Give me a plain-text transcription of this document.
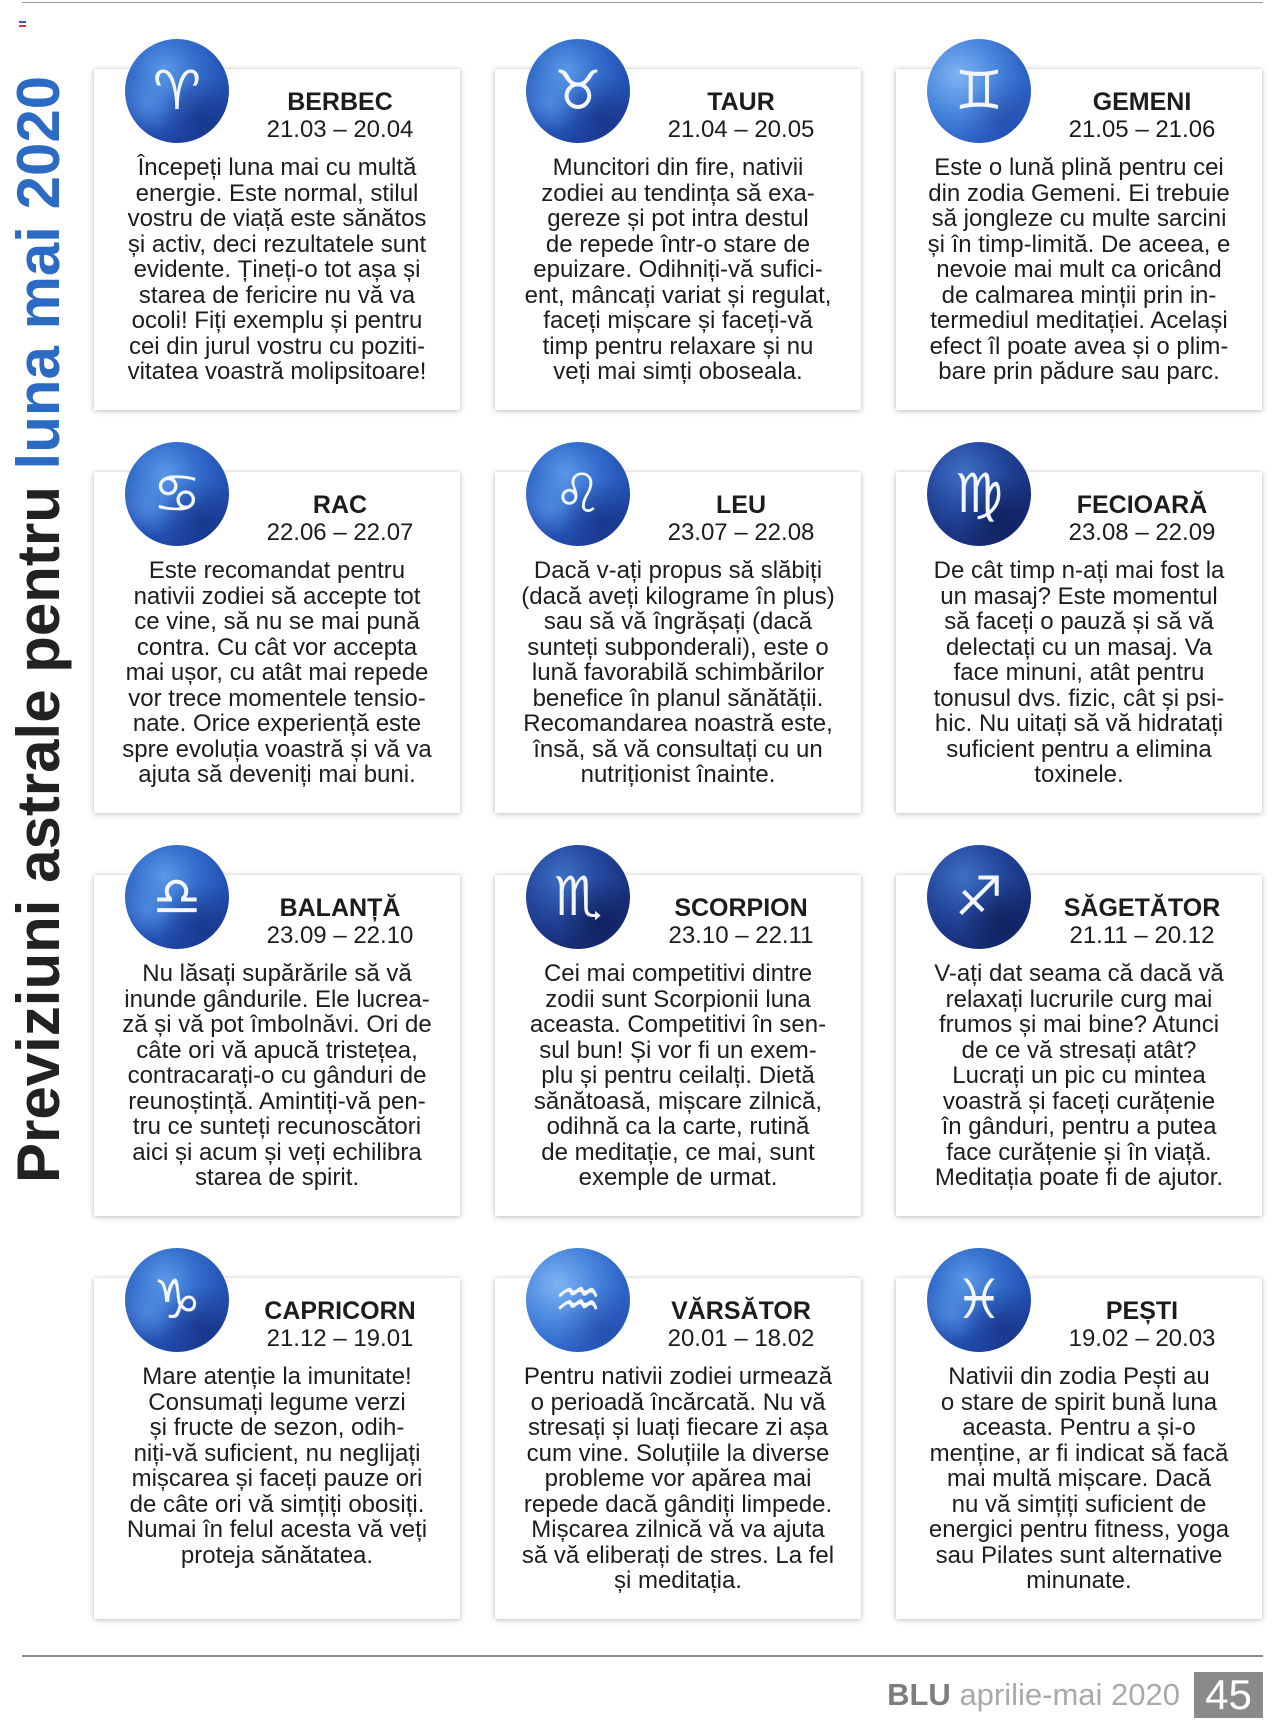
Previziuni astrale pentru luna mai 2020	♈︎	BERBEC
21.03 – 20.04
Începeți luna mai cu multă
energie. Este normal, stilul
vostru de viață este sănătos
și activ, deci rezultatele sunt
evidente. Țineți-o tot așa și
starea de fericire nu vă va
ocoli! Fiți exemplu și pentru
cei din jurul vostru cu poziti-
vitatea voastră molipsitoare!
♉︎	TAUR
21.04 – 20.05
Muncitori din fire, nativii
zodiei au tendința să exa-
gereze și pot intra destul
de repede într-o stare de
epuizare. Odihniți-vă sufici-
ent, mâncați variat și regulat,
faceți mișcare și faceți-vă
timp pentru relaxare și nu
veți mai simți oboseala.
♊︎	GEMENI
21.05 – 21.06
Este o lună plină pentru cei
din zodia Gemeni. Ei trebuie
să jongleze cu multe sarcini
și în timp-limită. De aceea, e
nevoie mai mult ca oricând
de calmarea minții prin in-
termediul meditației. Același
efect îl poate avea și o plim-
bare prin pădure sau parc.
♋︎	RAC
22.06 – 22.07
Este recomandat pentru
nativii zodiei să accepte tot
ce vine, să nu se mai pună
contra. Cu cât vor accepta
mai ușor, cu atât mai repede
vor trece momentele tensio-
nate. Orice experiență este
spre evoluția voastră și vă va
ajuta să deveniți mai buni.
♌︎	LEU
23.07 – 22.08
Dacă v-ați propus să slăbiți
(dacă aveți kilograme în plus)
sau să vă îngrășați (dacă
sunteți subponderali), este o
lună favorabilă schimbărilor
benefice în planul sănătății.
Recomandarea noastră este,
însă, să vă consultați cu un
nutriționist înainte.
♍︎	FECIOARĂ
23.08 – 22.09
De cât timp n-ați mai fost la
un masaj? Este momentul
să faceți o pauză și să vă
delectați cu un masaj. Va
face minuni, atât pentru
tonusul dvs. fizic, cât și psi-
hic. Nu uitați să vă hidratați
suficient pentru a elimina
toxinele.
♎︎	BALANȚĂ
23.09 – 22.10
Nu lăsați supărările să vă
inunde gândurile. Ele lucrea-
ză și vă pot îmbolnăvi. Ori de
câte ori vă apucă tristețea,
contracarați-o cu gânduri de
reunoștință. Amintiți-vă pen-
tru ce sunteți recunoscători
aici și acum și veți echilibra
starea de spirit.
♏︎	SCORPION
23.10 – 22.11
Cei mai competitivi dintre
zodii sunt Scorpionii luna
aceasta. Competitivi în sen-
sul bun! Și vor fi un exem-
plu și pentru ceilalți. Dietă
sănătoasă, mișcare zilnică,
odihnă ca la carte, rutină
de meditație, ce mai, sunt
exemple de urmat.
♐︎	SĂGETĂTOR
21.11 – 20.12
V-ați dat seama că dacă vă
relaxați lucrurile curg mai
frumos și mai bine? Atunci
de ce vă stresați atât?
Lucrați un pic cu mintea
voastră și faceți curățenie
în gânduri, pentru a putea
face curățenie și în viață.
Meditația poate fi de ajutor.
♑︎	CAPRICORN
21.12 – 19.01
Mare atenție la imunitate!
Consumați legume verzi
și fructe de sezon, odih-
niți-vă suficient, nu neglijați
mișcarea și faceți pauze ori
de câte ori vă simțiți obosiți.
Numai în felul acesta vă veți
proteja sănătatea.
♒︎	VĂRSĂTOR
20.01 – 18.02
Pentru nativii zodiei urmează
o perioadă încărcată. Nu vă
stresați și luați fiecare zi așa
cum vine. Soluțiile la diverse
probleme vor apărea mai
repede dacă gândiți limpede.
Mișcarea zilnică vă va ajuta
să vă eliberați de stres. La fel
și meditația.
♓︎	PEȘTI
19.02 – 20.03
Nativii din zodia Pești au
o stare de spirit bună luna
aceasta. Pentru a și-o
menține, ar fi indicat să facă
mai multă mișcare. Dacă
nu vă simțiți suficient de
energici pentru fitness, yoga
sau Pilates sunt alternative
minunate.
BLU aprilie-mai 2020 45
